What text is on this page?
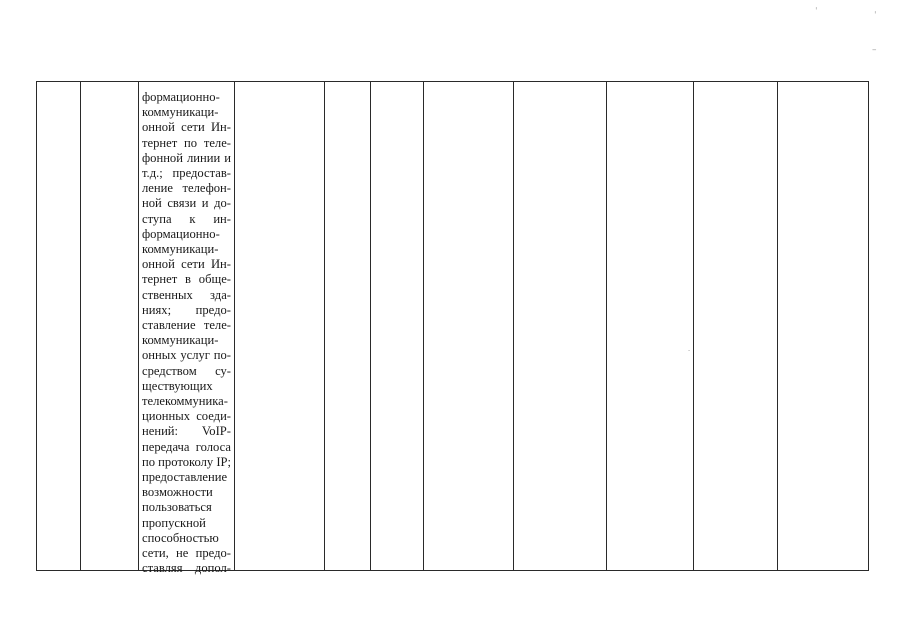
ˈ	ˈ
–
-
формационно-
коммуникаци-
онной сети Ин-
тернет по теле-
фонной линии и
т.д.; предостав-
ление телефон-
ной связи и до-
ступа к ин-
формационно-
коммуникаци-
онной сети Ин-
тернет в обще-
ственных зда-
ниях; предо-
ставление теле-
коммуникаци-
онных услуг по-
средством су-
ществующих
телекоммуника-
ционных соеди-
нений: VoIP-
передача голоса
по протоколу IP;
предоставление
возможности
пользоваться
пропускной
способностью
сети, не предо-
ставляя допол-
